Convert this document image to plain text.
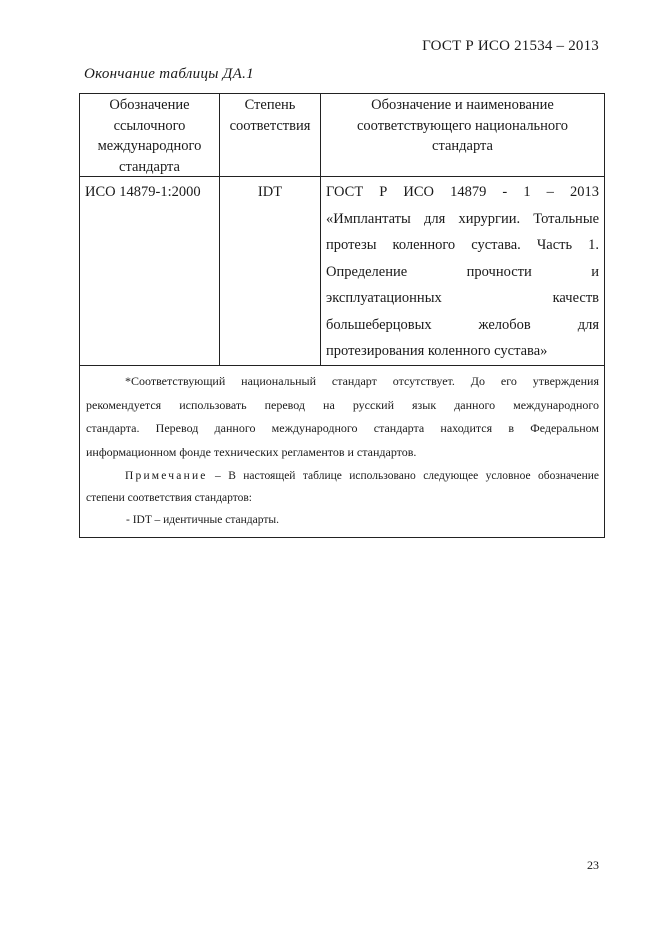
ГОСТ Р ИСО 21534 – 2013
Окончание таблицы ДА.1
Обозначение
ссылочного
международного
стандарта
Степень
соответствия
Обозначение и наименование
соответствующего национального
стандарта
ИСО 14879-1:2000	IDT	ГОСТ Р ИСО 14879 - 1 – 2013
«Имплантаты для хирургии. Тотальные
протезы коленного сустава. Часть 1.
Определение прочности и
эксплуатационных качеств
большеберцовых желобов для
протезирования коленного сустава»
*Соответствующий национальный стандарт отсутствует. До его утверждения
рекомендуется использовать перевод на русский язык данного международного
стандарта. Перевод данного международного стандарта находится в Федеральном
информационном фонде технических регламентов и стандартов.
Примечание – В настоящей таблице использовано следующее условное обозначение
степени соответствия стандартов:
- IDT – идентичные стандарты.
23
